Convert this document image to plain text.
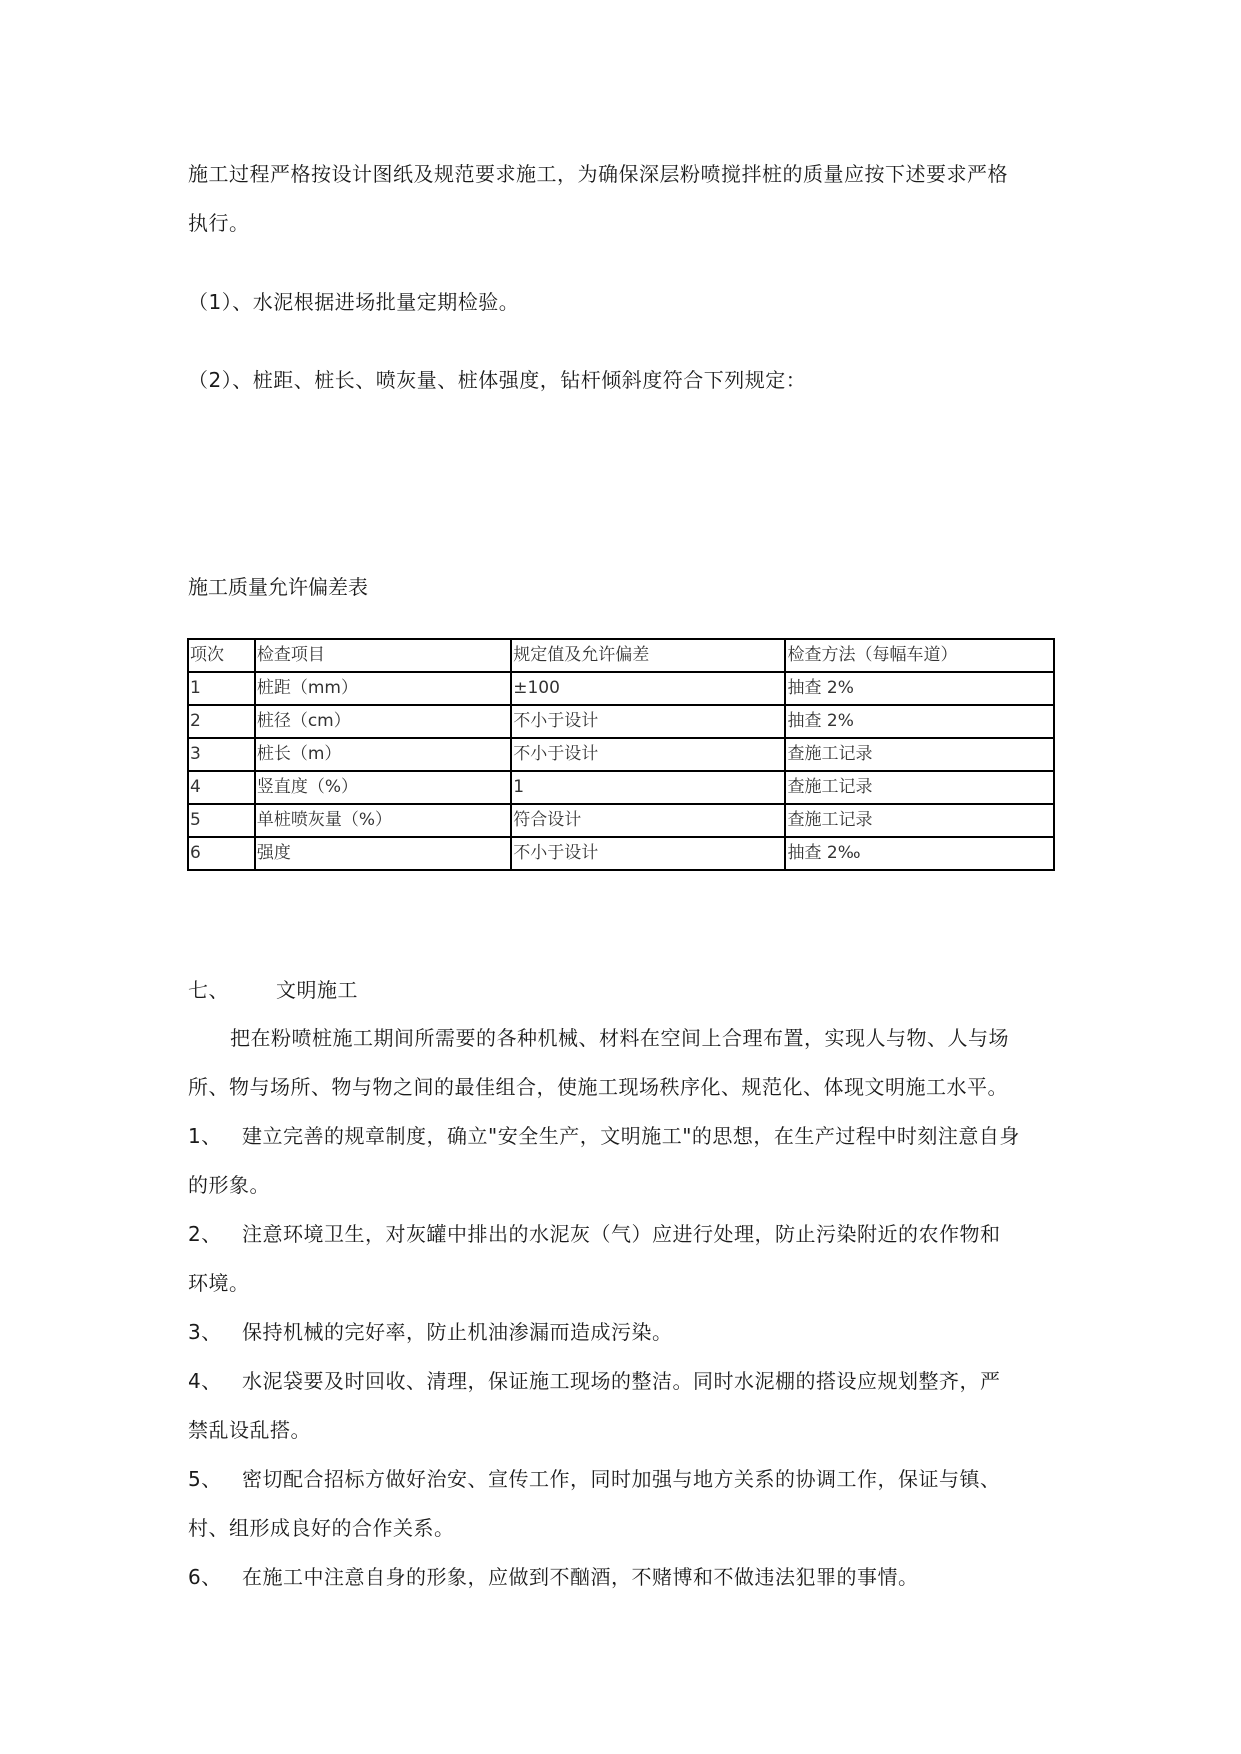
施工过程严格按设计图纸及规范要求施工，为确保深层粉喷搅拌桩的质量应按下述要求严格
执行。
（1）、水泥根据进场批量定期检验。
（2）、桩距、桩长、喷灰量、桩体强度，钻杆倾斜度符合下列规定：
施工质量允许偏差表
项次	检查项目	规定值及允许偏差	检查方法（每幅车道）
1	桩距（mm）	±100	抽查 2%
2	桩径（cm）	不小于设计	抽查 2%
3	桩长（m）	不小于设计	查施工记录
4	竖直度（%）	1	查施工记录
5	单桩喷灰量（%）	符合设计	查施工记录
6	强度	不小于设计	抽查 2‰
七、 文明施工
把在粉喷桩施工期间所需要的各种机械、材料在空间上合理布置，实现人与物、人与场
所、物与场所、物与物之间的最佳组合，使施工现场秩序化、规范化、体现文明施工水平。
1、 建立完善的规章制度，确立"安全生产，文明施工"的思想，在生产过程中时刻注意自身
的形象。
2、 注意环境卫生，对灰罐中排出的水泥灰（气）应进行处理，防止污染附近的农作物和
环境。
3、 保持机械的完好率，防止机油渗漏而造成污染。
4、 水泥袋要及时回收、清理，保证施工现场的整洁。同时水泥棚的搭设应规划整齐，严
禁乱设乱搭。
5、 密切配合招标方做好治安、宣传工作，同时加强与地方关系的协调工作，保证与镇、
村、组形成良好的合作关系。
6、 在施工中注意自身的形象，应做到不酗酒，不赌博和不做违法犯罪的事情。
